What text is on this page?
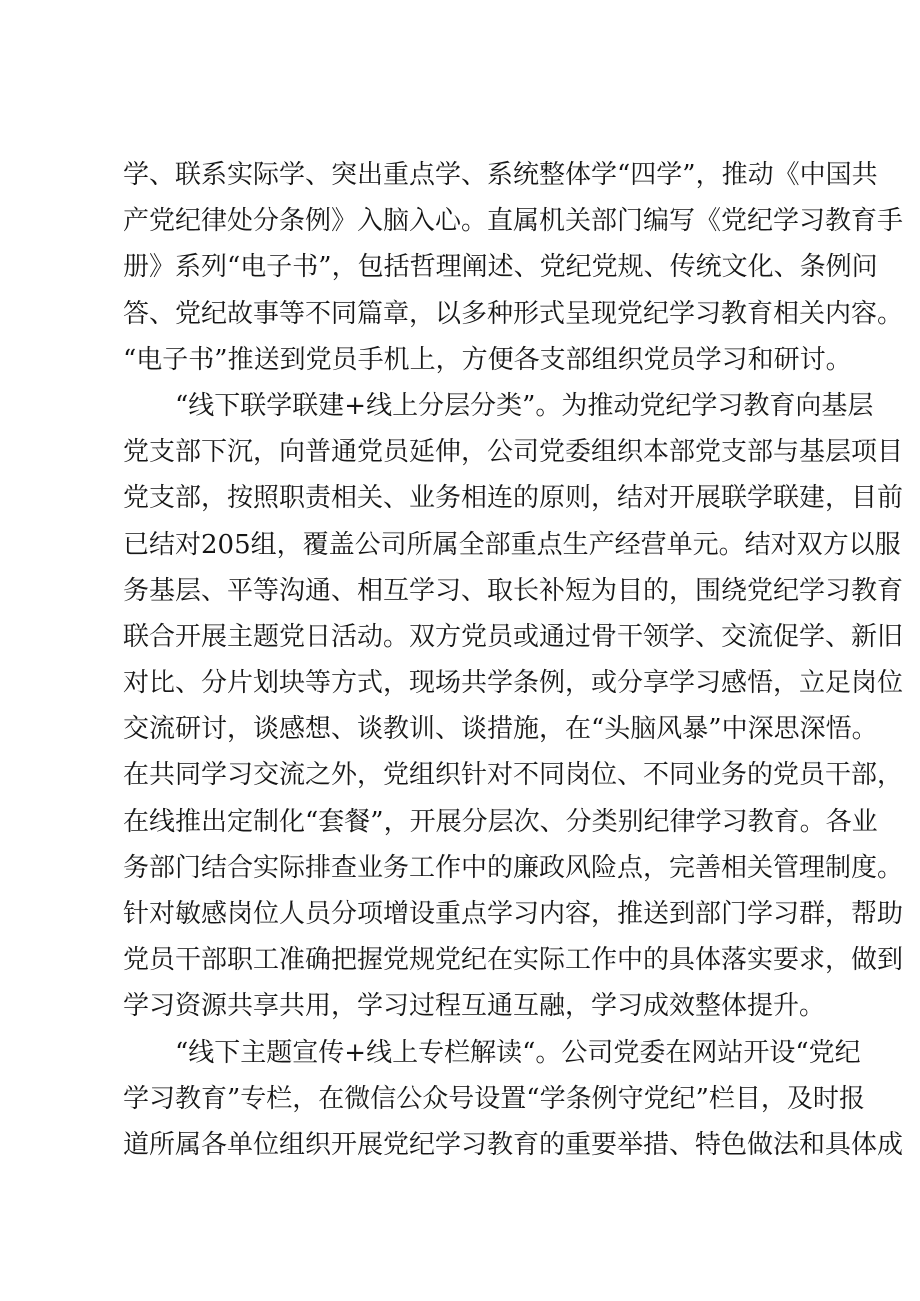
学、联系实际学、突出重点学、系统整体学“四学”，推动《中国共
产党纪律处分条例》入脑入心。直属机关部门编写《党纪学习教育手
册》系列“电子书”，包括哲理阐述、党纪党规、传统文化、条例问
答、党纪故事等不同篇章，以多种形式呈现党纪学习教育相关内容。
“电子书”推送到党员手机上，方便各支部组织党员学习和研讨。
“线下联学联建+线上分层分类”。为推动党纪学习教育向基层
党支部下沉，向普通党员延伸，公司党委组织本部党支部与基层项目
党支部，按照职责相关、业务相连的原则，结对开展联学联建，目前
已结对205组，覆盖公司所属全部重点生产经营单元。结对双方以服
务基层、平等沟通、相互学习、取长补短为目的，围绕党纪学习教育
联合开展主题党日活动。双方党员或通过骨干领学、交流促学、新旧
对比、分片划块等方式，现场共学条例，或分享学习感悟，立足岗位
交流研讨，谈感想、谈教训、谈措施，在“头脑风暴”中深思深悟。
在共同学习交流之外，党组织针对不同岗位、不同业务的党员干部，
在线推出定制化“套餐”，开展分层次、分类别纪律学习教育。各业
务部门结合实际排查业务工作中的廉政风险点，完善相关管理制度。
针对敏感岗位人员分项增设重点学习内容，推送到部门学习群，帮助
党员干部职工准确把握党规党纪在实际工作中的具体落实要求，做到
学习资源共享共用，学习过程互通互融，学习成效整体提升。
“线下主题宣传+线上专栏解读“。公司党委在网站开设“党纪
学习教育”专栏，在微信公众号设置“学条例守党纪”栏目，及时报
道所属各单位组织开展党纪学习教育的重要举措、特色做法和具体成
